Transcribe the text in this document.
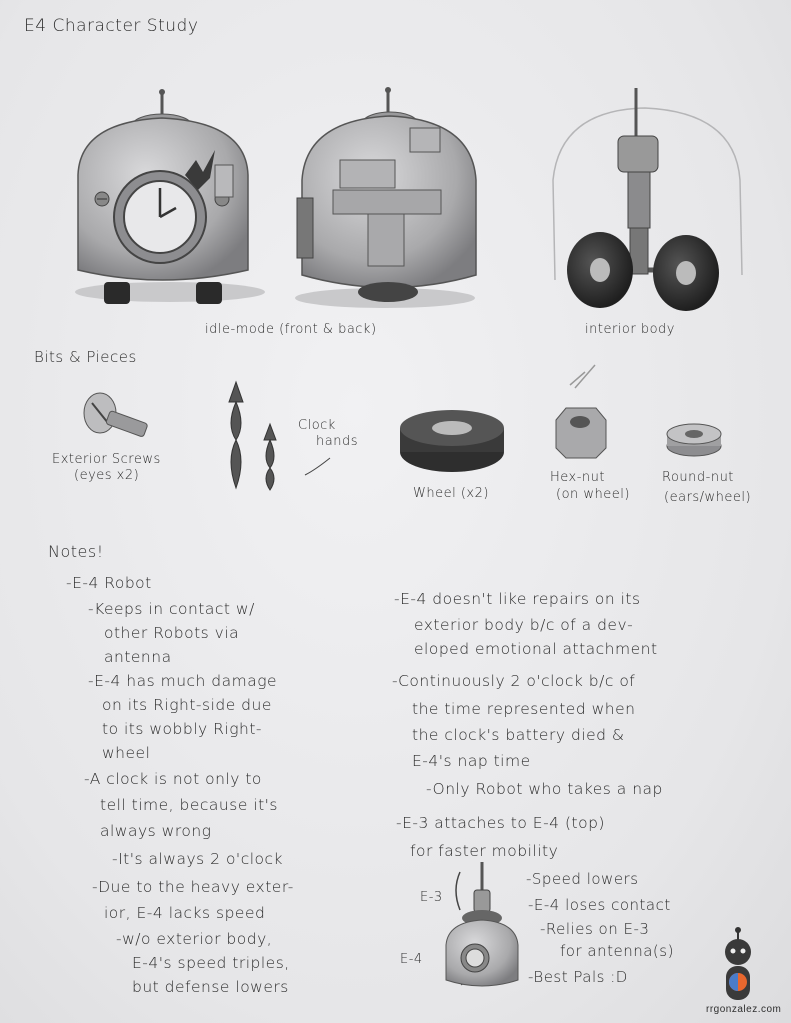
E4 Character Study
idle-mode (front & back)	interior body
Bits & Pieces
Exterior Screws
(eyes x2)
Clock
hands
Wheel (x2)
Hex-nut
(on wheel)
Round-nut
(ears/wheel)
Notes!
-E-4 Robot
-Keeps in contact w/
other Robots via
antenna
-E-4 has much damage
on its Right-side due
to its wobbly Right-
wheel
-A clock is not only to
tell time, because it's
always wrong
-It's always 2 o'clock
-Due to the heavy exter-
ior, E-4 lacks speed
-w/o exterior body,
E-4's speed triples,
but defense lowers
-E-4 doesn't like repairs on its
exterior body b/c of a dev-
eloped emotional attachment
-Continuously 2 o'clock b/c of
the time represented when
the clock's battery died &
E-4's nap time
-Only Robot who takes a nap
-E-3 attaches to E-4 (top)
for faster mobility
E-3
E-4
-Speed lowers
-E-4 loses contact
-Relies on E-3
for antenna(s)
-Best Pals :D
rrgonzalez.com
